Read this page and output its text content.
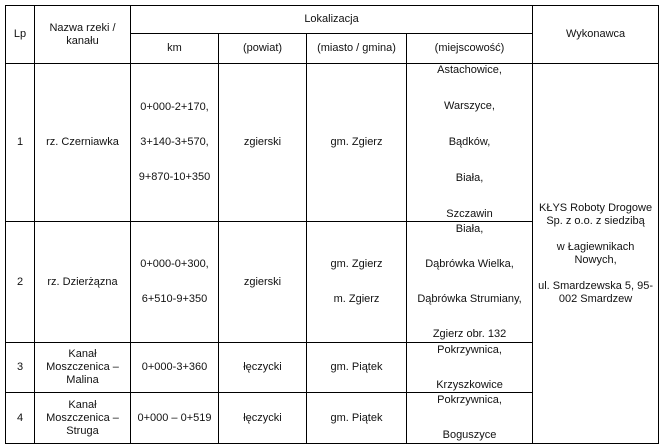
Lp	Nazwa rzeki / kanału	Lokalizacja				Wykonawca
		km	(powiat)	(miasto / gmina)	(miejscowość)	
1	rz. Czerniawka	0+000-2+170,
3+140-3+570,
9+870-10+350	zgierski	gm. Zgierz	Astachowice,
Warszyce,
Bądków,
Biała,
Szczawin	KŁYS Roboty Drogowe Sp. z o.o. z siedzibą
w Łagiewnikach Nowych,
ul. Smardzewska 5, 95-002 Smardzew

2	rz. Dzierżązna	0+000-0+300,
6+510-9+350	zgierski	gm. Zgierz
m. Zgierz	Biała,
Dąbrówka Wielka,
Dąbrówka Strumiany,
Zgierz obr. 132	

3	Kanał Moszczenica – Malina	0+000-3+360	łęczycki	gm. Piątek	Pokrzywnica,
Krzyszkowice	

4	Kanał Moszczenica – Struga	0+000 – 0+519	łęczycki	gm. Piątek	Pokrzywnica,
Boguszyce	
